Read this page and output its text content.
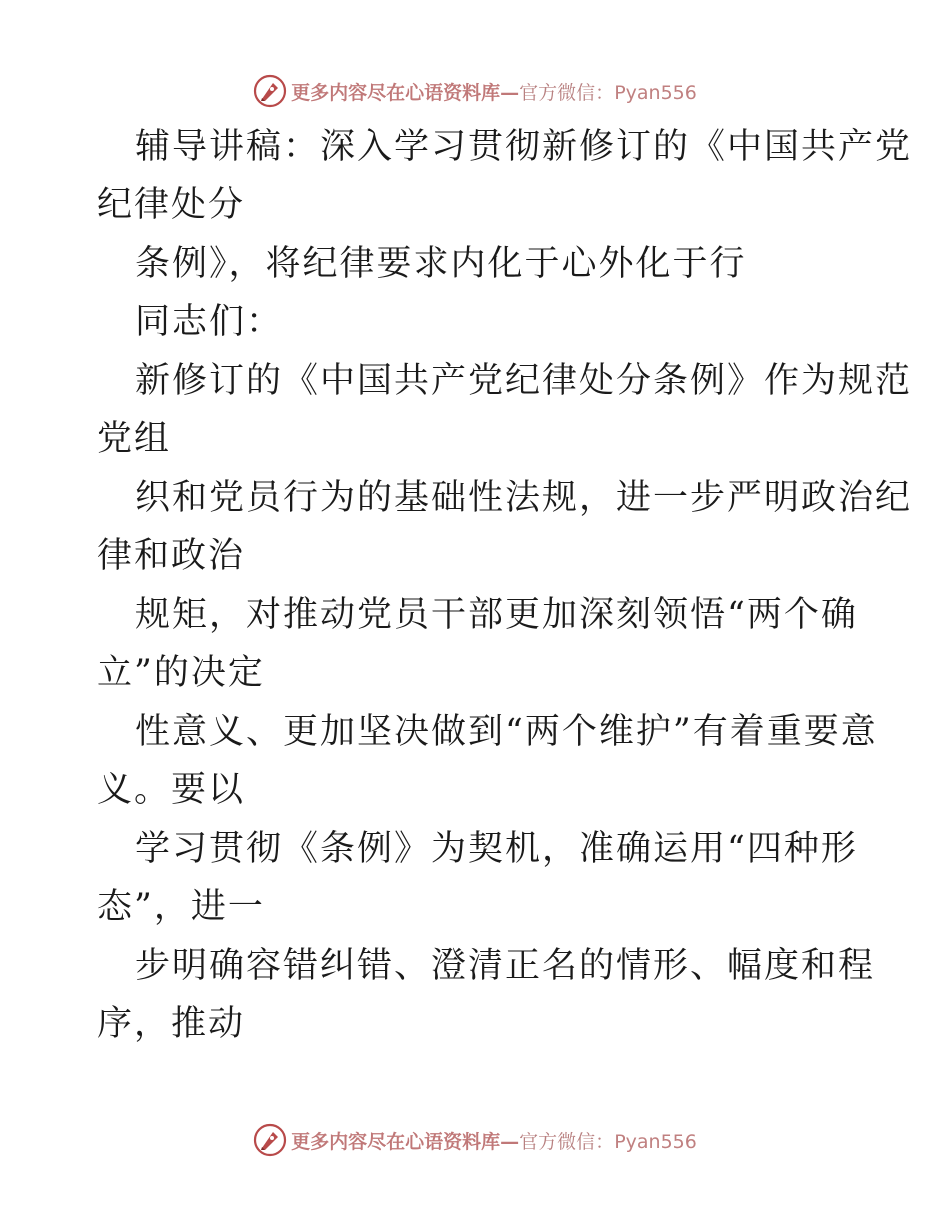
更多内容尽在心语资料库—官方微信：Pyan556
辅导讲稿：深入学习贯彻新修订的《中国共产党
纪律处分
条例》，将纪律要求内化于心外化于行
同志们：
新修订的《中国共产党纪律处分条例》作为规范
党组
织和党员行为的基础性法规，进一步严明政治纪
律和政治
规矩，对推动党员干部更加深刻领悟“两个确
立”的决定
性意义、更加坚决做到“两个维护”有着重要意
义。要以
学习贯彻《条例》为契机，准确运用“四种形
态”，进一
步明确容错纠错、澄清正名的情形、幅度和程
序，推动
更多内容尽在心语资料库—官方微信：Pyan556
